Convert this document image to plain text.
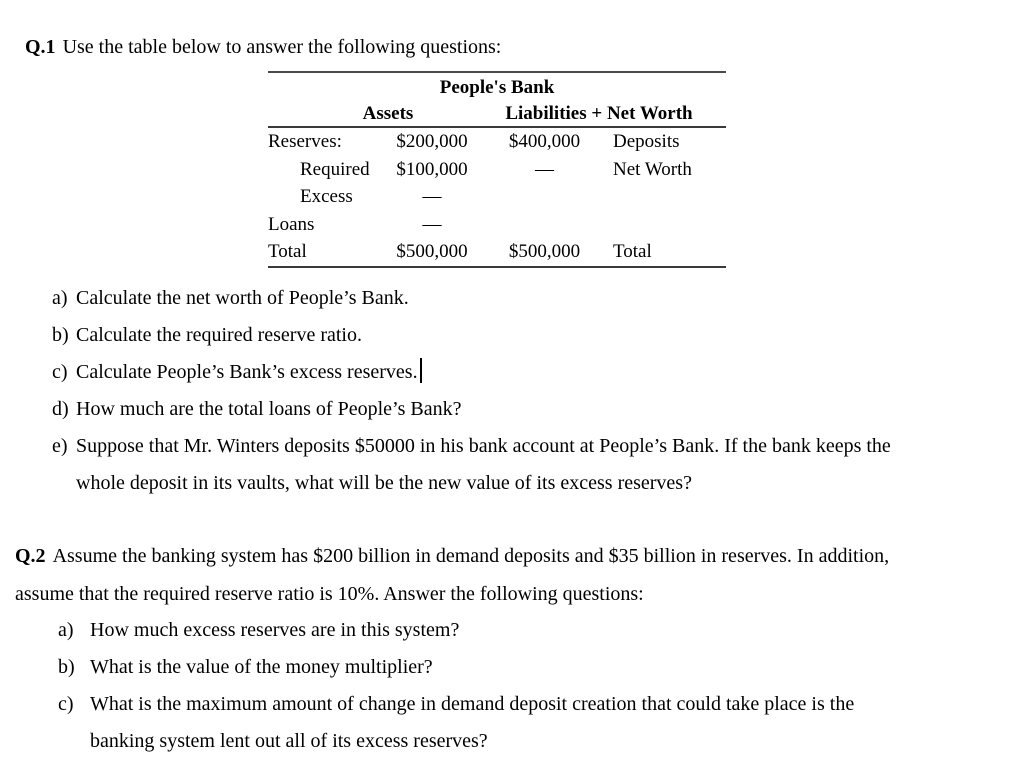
Q.1 Use the table below to answer the following questions:
People's Bank
Assets	Liabilities + Net Worth
Reserves:	$200,000	$400,000	Deposits
Required	$100,000	—	Net Worth
Excess	—
Loans	—
Total	$500,000	$500,000	Total
a) Calculate the net worth of People’s Bank.
b) Calculate the required reserve ratio.
c) Calculate People’s Bank’s excess reserves.
d) How much are the total loans of People’s Bank?
e) Suppose that Mr. Winters deposits $50000 in his bank account at People’s Bank. If the bank keeps the
whole deposit in its vaults, what will be the new value of its excess reserves?
Q.2 Assume the banking system has $200 billion in demand deposits and $35 billion in reserves. In addition,
assume that the required reserve ratio is 10%. Answer the following questions:
a) How much excess reserves are in this system?
b) What is the value of the money multiplier?
c) What is the maximum amount of change in demand deposit creation that could take place is the
banking system lent out all of its excess reserves?
